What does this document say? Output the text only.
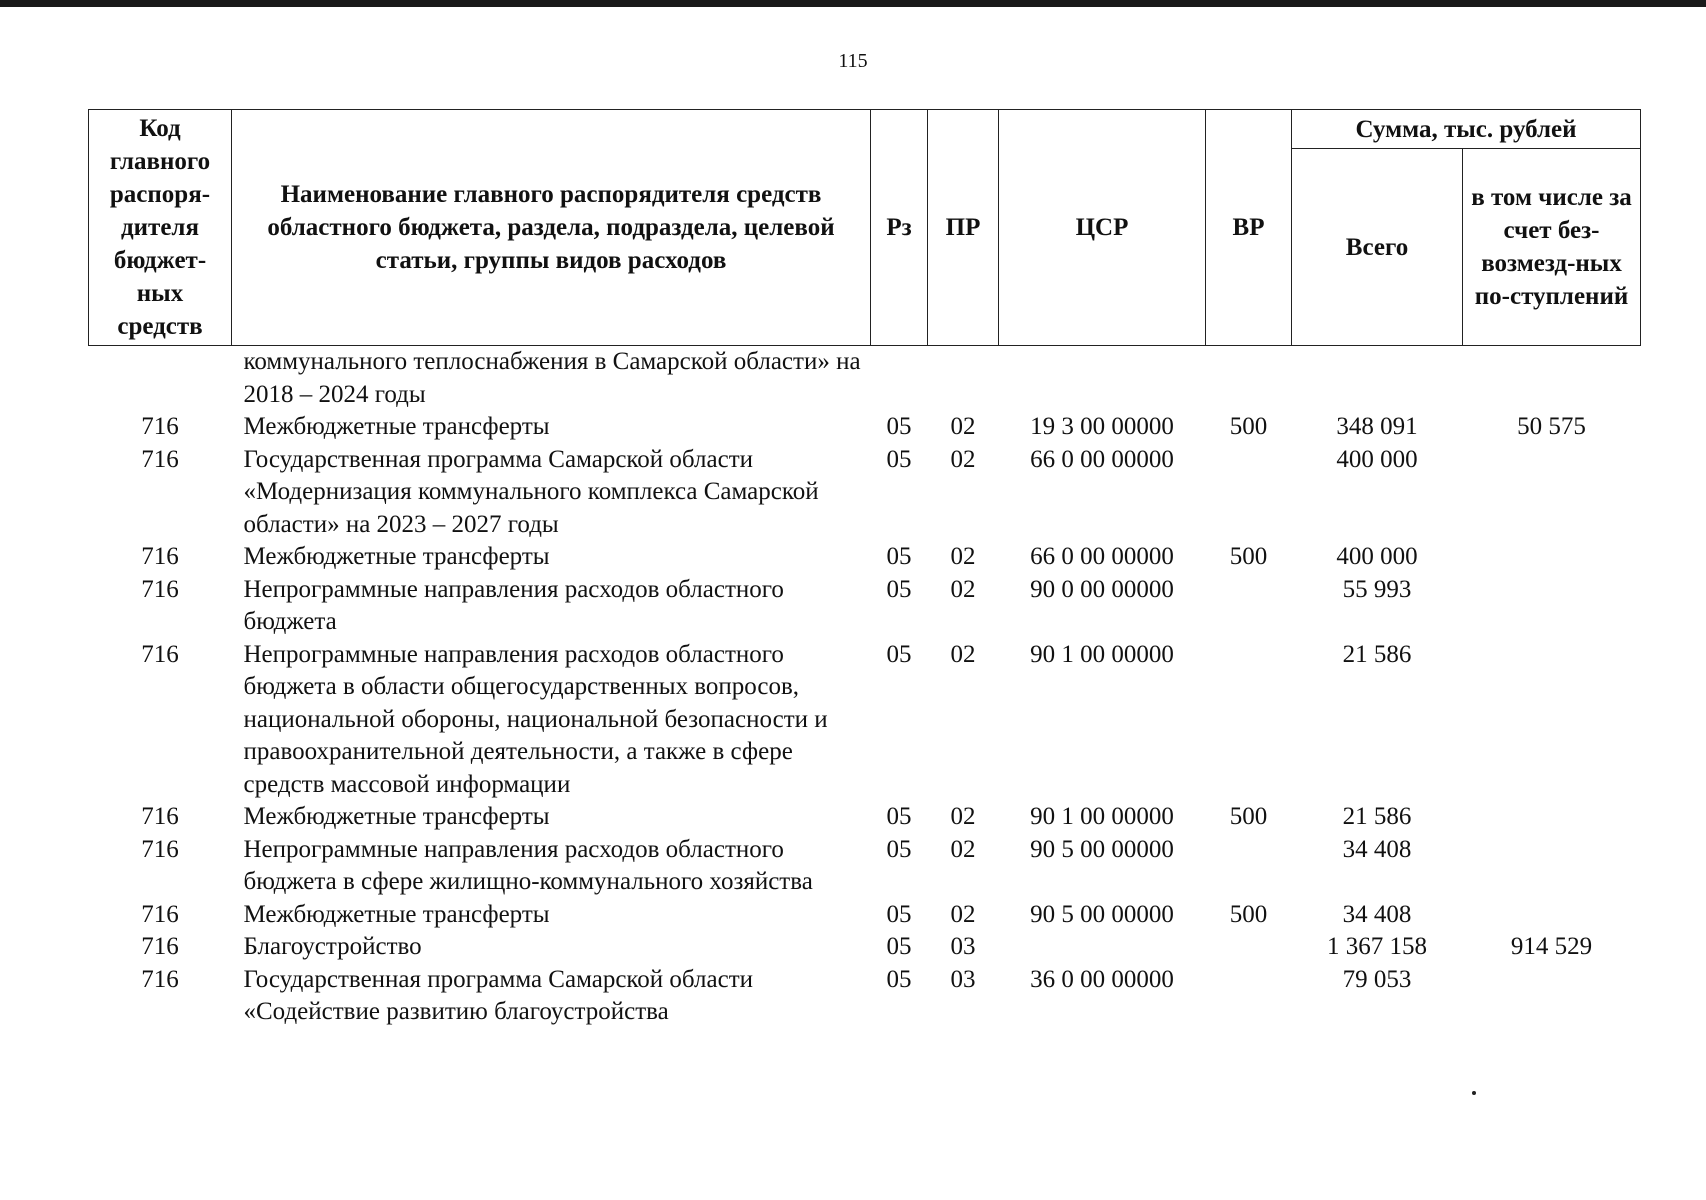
115
Код главного распоря-дителя бюджет-ных средств	Наименование главного распорядителя средств областного бюджета, раздела, подраздела, целевой статьи, группы видов расходов	Рз	ПР	ЦСР	ВР	Сумма, тыс. рублей	
						Всего	в том числе за счет без-возмезд-ных по-ступлений
	коммунального теплоснабжения в Самарской области» на 2018 – 2024 годы						
716	Межбюджетные трансферты	05	02	19 3 00 00000	500	348 091	50 575
716	Государственная программа Самарской области «Модернизация коммунального комплекса Самарской области» на 2023 – 2027 годы	05	02	66 0 00 00000		400 000	
716	Межбюджетные трансферты	05	02	66 0 00 00000	500	400 000	
716	Непрограммные направления расходов областного бюджета	05	02	90 0 00 00000		55 993	
716	Непрограммные направления расходов областного бюджета в области общегосударственных вопросов, национальной обороны, национальной безопасности и правоохранительной деятельности, а также в сфере средств массовой информации	05	02	90 1 00 00000		21 586	
716	Межбюджетные трансферты	05	02	90 1 00 00000	500	21 586	
716	Непрограммные направления расходов областного бюджета в сфере жилищно-коммунального хозяйства	05	02	90 5 00 00000		34 408	
716	Межбюджетные трансферты	05	02	90 5 00 00000	500	34 408	
716	Благоустройство	05	03			1 367 158	914 529
716	Государственная программа Самарской области «Содействие развитию благоустройства	05	03	36 0 00 00000		79 053	
